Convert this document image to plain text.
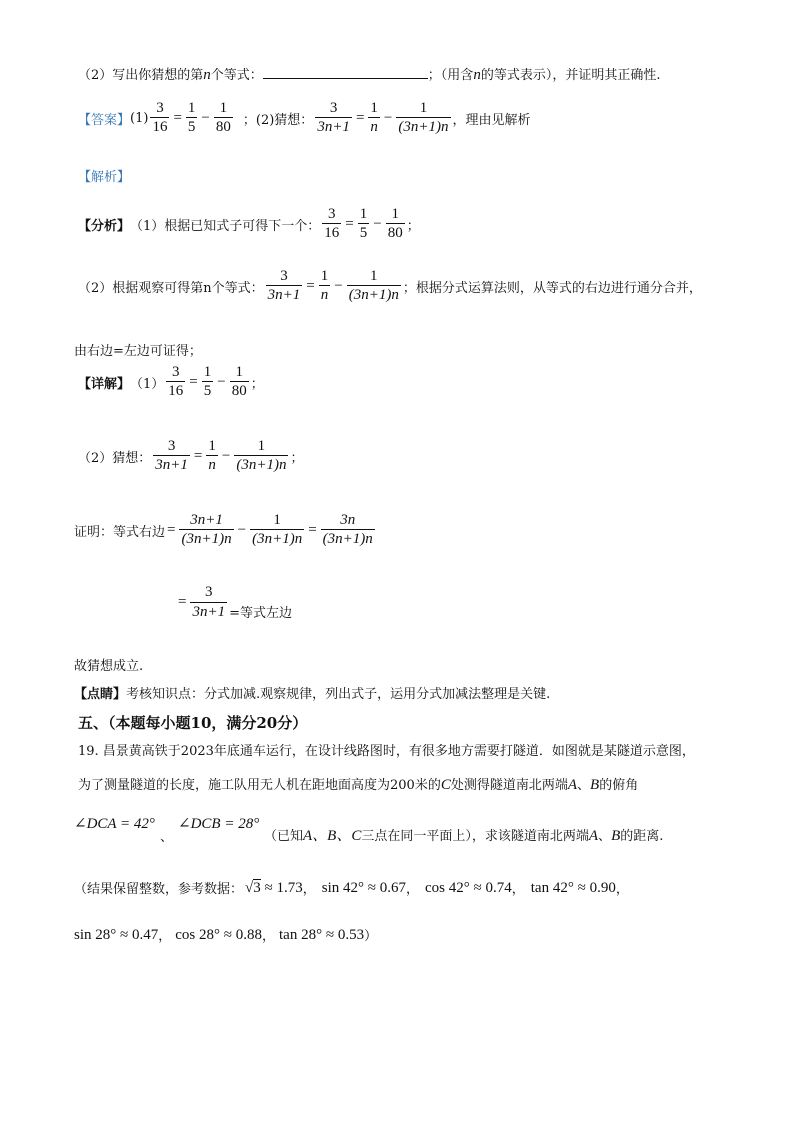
（2）写出你猜想的第n个等式：	；（用含n的等式表示），并证明其正确性.
【答案】 $(1) \frac{3}{16} = \frac{1}{5} - \frac{1}{80}$ ； (2)猜想： $\frac{3}{3n+1} = \frac{1}{n} - \frac{1}{(3n+1)n}$ ，理由见解析
【解析】
【分析】 （1）根据已知式子可得下一个： $\frac{3}{16} = \frac{1}{5} - \frac{1}{80}$ ；
（2）根据观察可得第n个等式： $\frac{3}{3n+1} = \frac{1}{n} - \frac{1}{(3n+1)n}$ ；根据分式运算法则，从等式的右边进行通分合并，
由右边=左边可证得；
【详解】 $(1) \frac{3}{16} = \frac{1}{5} - \frac{1}{80}$ ；
（2）猜想： $\frac{3}{3n+1} = \frac{1}{n} - \frac{1}{(3n+1)n}$ ；
证明：等式右边 = $\frac{3n+1}{(3n+1)n} - \frac{1}{(3n+1)n} = \frac{3n}{(3n+1)n}$
= $\frac{3}{3n+1}$ =等式左边
故猜想成立.
【点睛】考核知识点：分式加减.观察规律，列出式子，运用分式加减法整理是关键.
五、（本题每小题10，满分20分）
19. 昌景黄高铁于2023年底通车运行，在设计线路图时，有很多地方需要打隧道．如图就是某隧道示意图，
为了测量隧道的长度，施工队用无人机在距地面高度为200米的C处测得隧道南北两端A、B的俯角
∠DCA = 42°
、
∠DCB = 28°
（已知A、B、C三点在同一平面上），求该隧道南北两端A、B的距离.
（结果保留整数，参考数据： √3 ≈ 1.73 ， sin 42° ≈ 0.67 ， cos 42° ≈ 0.74 ， tan 42° ≈ 0.90 ，
sin 28° ≈ 0.47 ， cos 28° ≈ 0.88 ， tan 28° ≈ 0.53 ）
